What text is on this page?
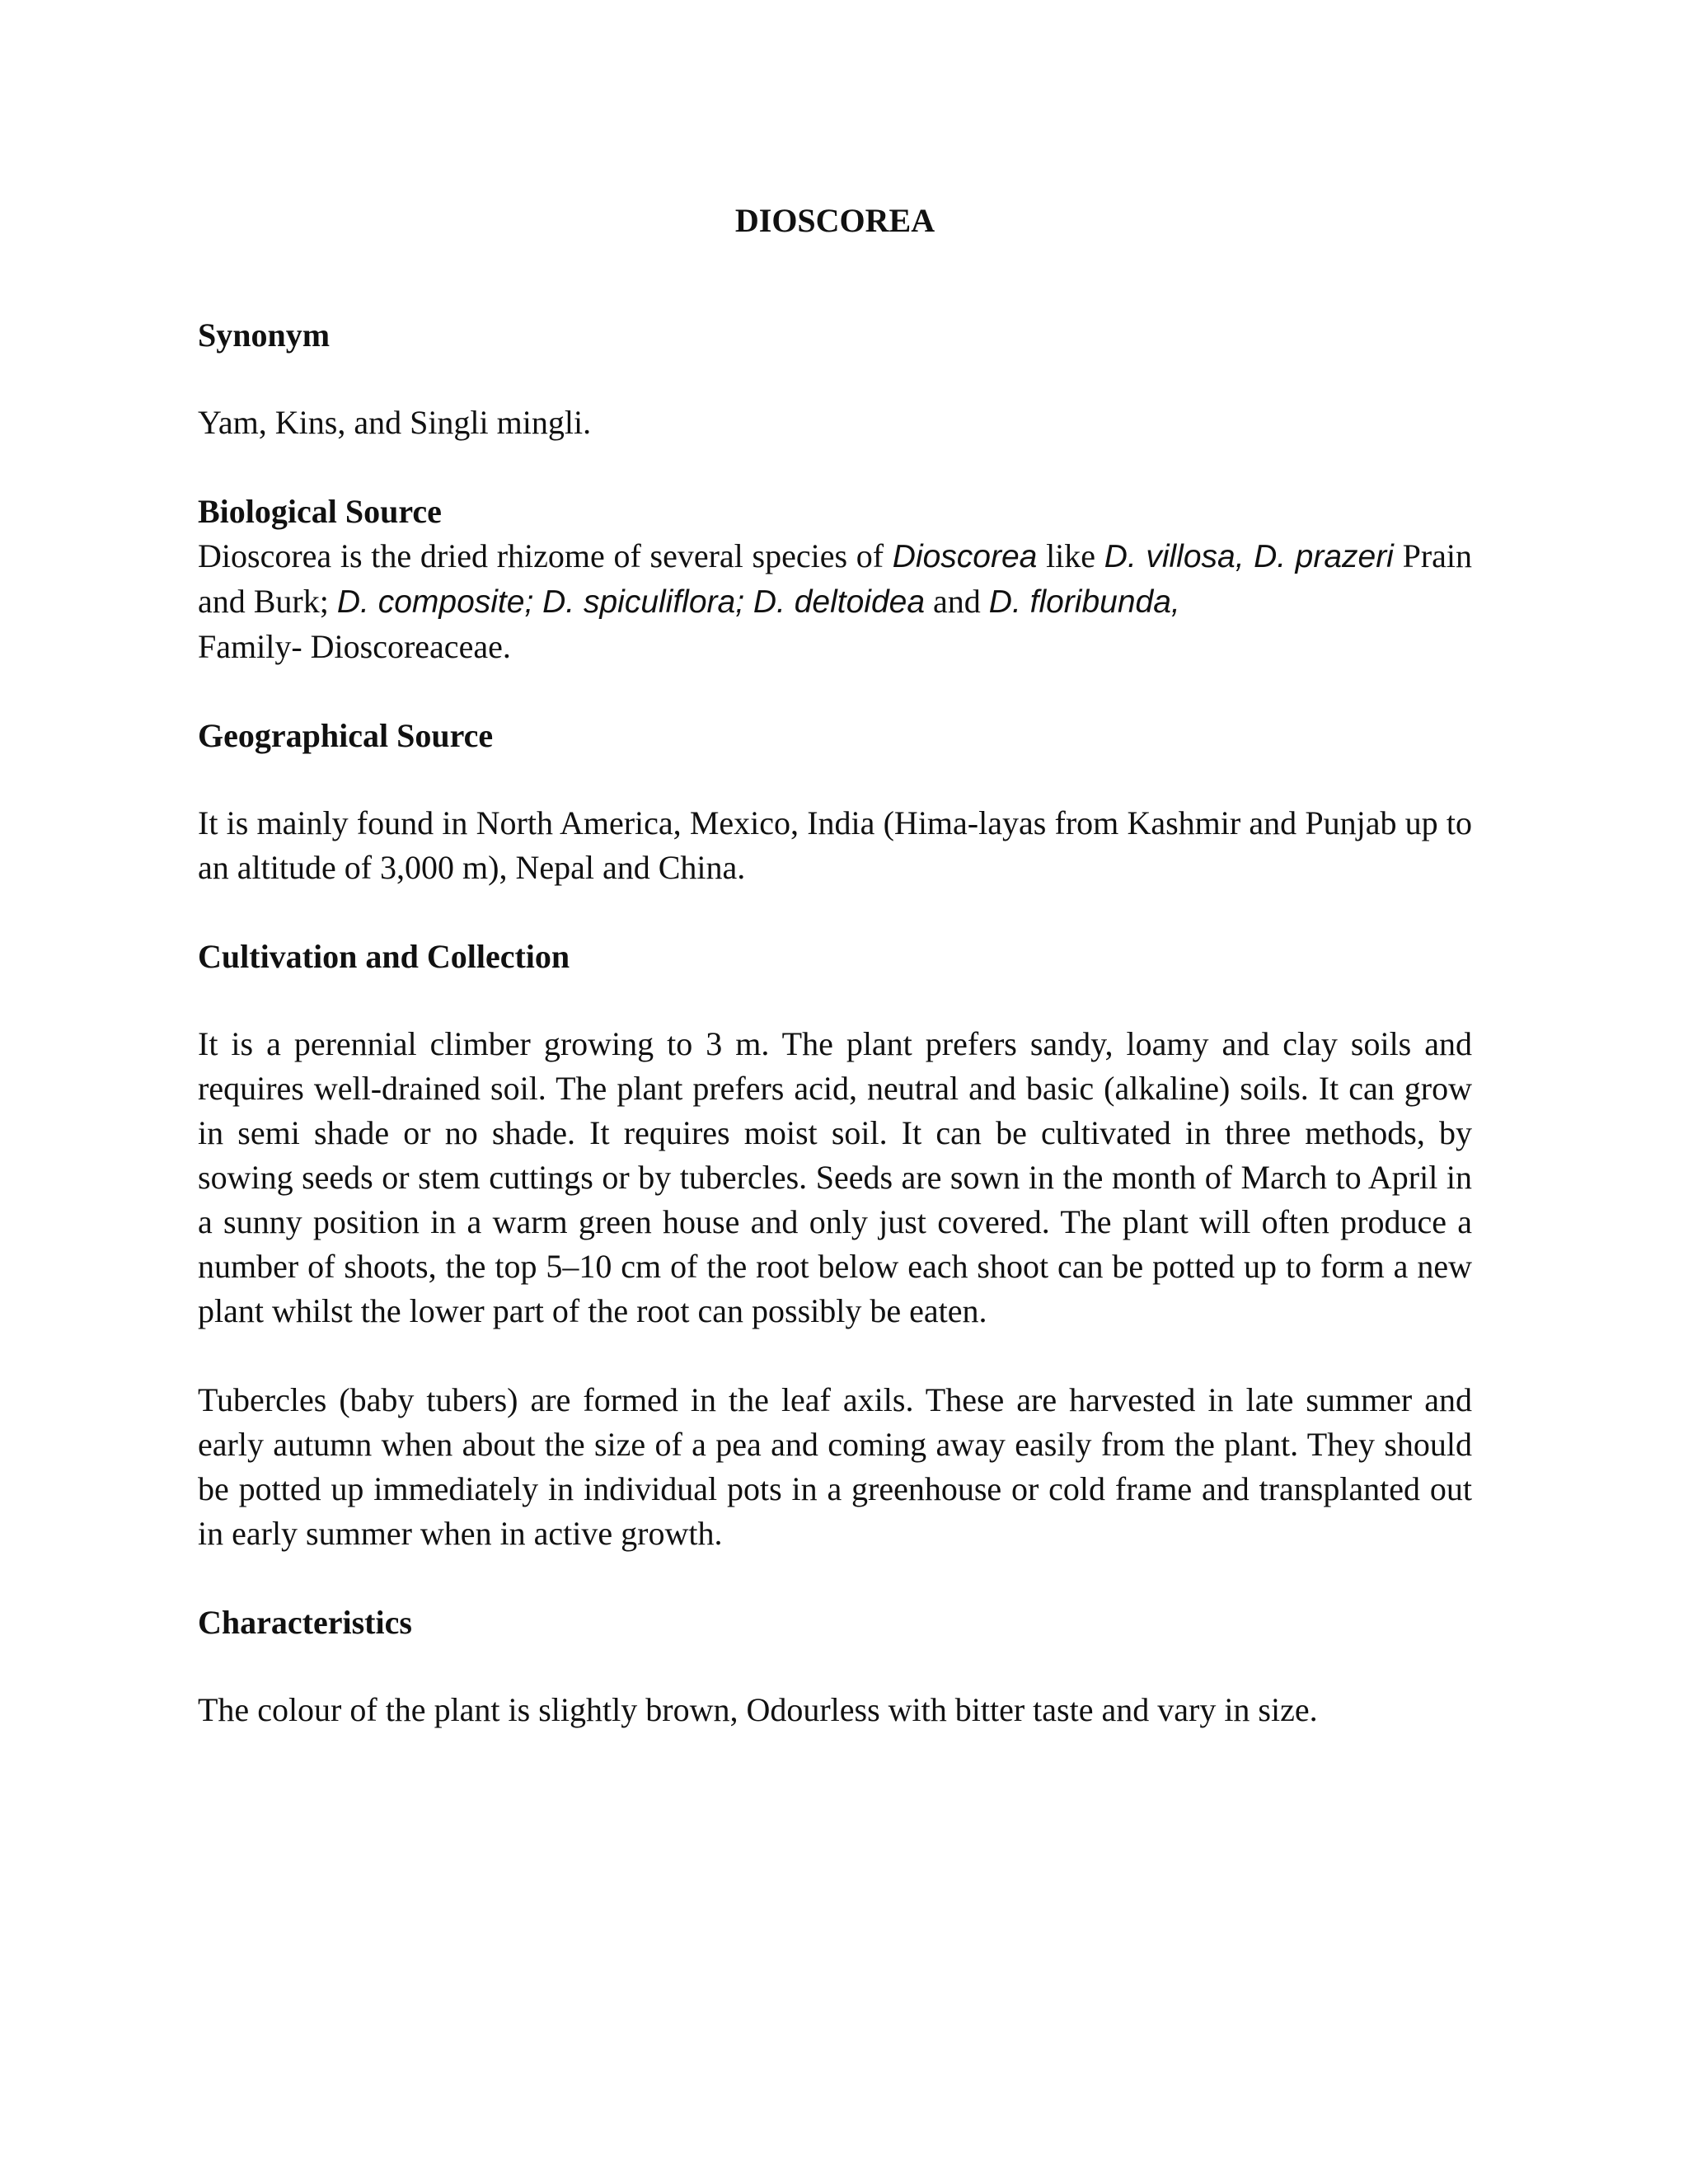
DIOSCOREA

Synonym

Yam, Kins, and Singli mingli.

Biological Source

Dioscorea is the dried rhizome of several species of Dioscorea like D. villosa, D. prazeri Prain and Burk; D. composite; D. spiculiflora; D. deltoidea and D. floribunda,

Family- Dioscoreaceae.

Geographical Source

It is mainly found in North America, Mexico, India (Hima-layas from Kashmir and Punjab up to an altitude of 3,000 m), Nepal and China.

Cultivation and Collection

It is a perennial climber growing to 3 m. The plant prefers sandy, loamy and clay soils and requires well-drained soil. The plant prefers acid, neutral and basic (alkaline) soils. It can grow in semi shade or no shade. It requires moist soil. It can be cultivated in three methods, by sowing seeds or stem cuttings or by tubercles. Seeds are sown in the month of March to April in a sunny position in a warm green house and only just covered. The plant will often produce a number of shoots, the top 5–10 cm of the root below each shoot can be potted up to form a new plant whilst the lower part of the root can possibly be eaten.

Tubercles (baby tubers) are formed in the leaf axils. These are harvested in late summer and early autumn when about the size of a pea and coming away easily from the plant. They should be potted up immediately in individual pots in a greenhouse or cold frame and transplanted out in early summer when in active growth.

Characteristics

The colour of the plant is slightly brown, Odourless with bitter taste and vary in size.
